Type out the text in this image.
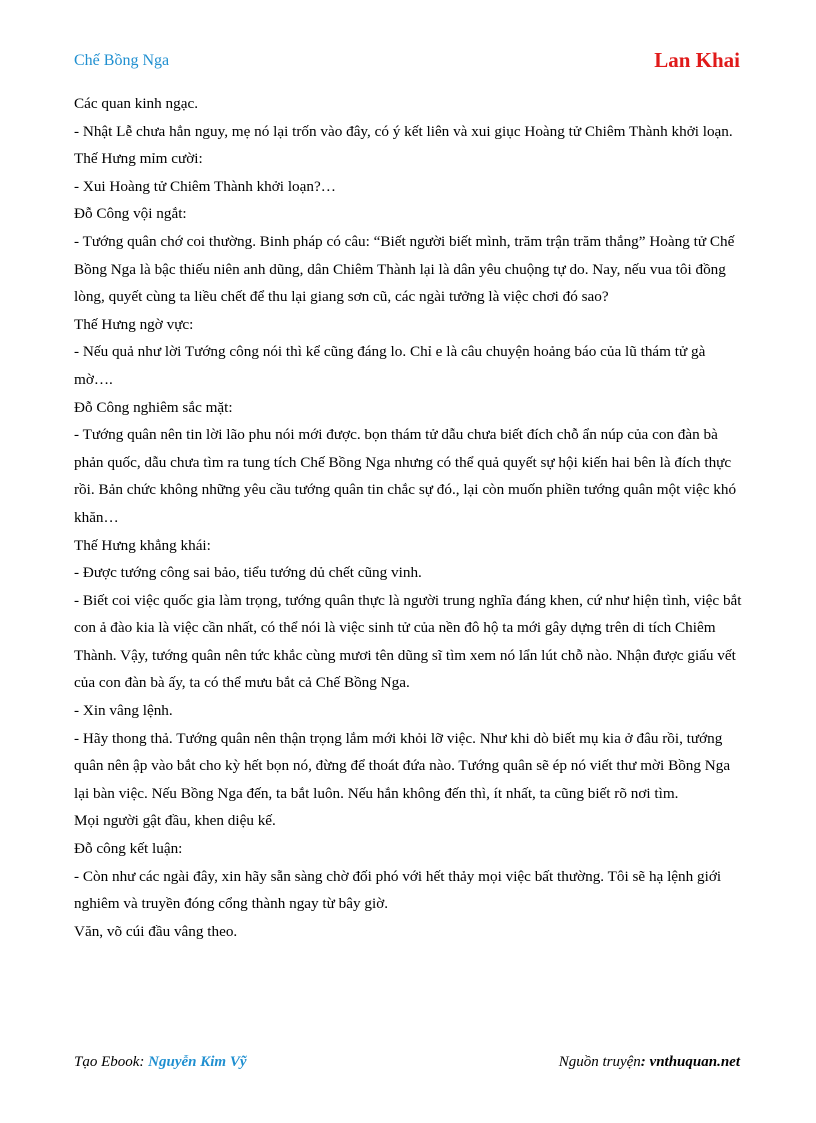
Chế Bồng Nga	Lan Khai

Các quan kinh ngạc.

- Nhật Lễ chưa hẳn nguy, mẹ nó lại trốn vào đây, có ý kết liên và xui giục Hoàng tử Chiêm Thành khởi loạn.

Thế Hưng mỉm cười:

- Xui Hoàng tử Chiêm Thành khởi loạn?…

Đỗ Công vội ngắt:

- Tướng quân chớ coi thường. Binh pháp có câu: “Biết người biết mình, trăm trận trăm thắng” Hoàng tử Chế Bồng Nga là bậc thiếu niên anh dũng, dân Chiêm Thành lại là dân yêu chuộng tự do. Nay, nếu vua tôi đồng lòng, quyết cùng ta liều chết để thu lại giang sơn cũ, các ngài tưởng là việc chơi đó sao?

Thế Hưng ngờ vực:

- Nếu quả như lời Tướng công nói thì kể cũng đáng lo. Chỉ e là câu chuyện hoảng báo của lũ thám tử gà mờ….

Đỗ Công nghiêm sắc mặt:

- Tướng quân nên tin lời lão phu nói mới được. bọn thám tử dẫu chưa biết đích chỗ ẩn núp của con đàn bà phản quốc, dẫu chưa tìm ra tung tích Chế Bồng Nga nhưng có thể quả quyết sự hội kiến hai bên là đích thực rồi. Bản chức không những yêu cầu tướng quân tin chắc sự đó., lại còn muốn phiền tướng quân một việc khó khăn…

Thế Hưng khẳng khái:

- Được tướng công sai bảo, tiểu tướng dủ chết cũng vinh.

- Biết coi việc quốc gia làm trọng, tướng quân thực là người trung nghĩa đáng khen, cứ như hiện tình, việc bắt con ả đào kia là việc cần nhất, có thể nói là việc sinh tử của nền đô hộ ta mới gây dựng trên di tích Chiêm Thành. Vậy, tướng quân nên tức khắc cùng mươi tên dũng sĩ tìm xem nó lẩn lút chỗ nào. Nhận được giấu vết của con đàn bà ấy, ta có thể mưu bắt cả Chế Bồng Nga.

- Xin vâng lệnh.

- Hãy thong thả. Tướng quân nên thận trọng lắm mới khỏi lỡ việc. Như khi dò biết mụ kia ở đâu rồi, tướng quân nên ập vào bắt cho kỳ hết bọn nó, đừng để thoát đứa nào. Tướng quân sẽ ép nó viết thư mời Bồng Nga lại bàn việc. Nếu Bồng Nga đến, ta bắt luôn. Nếu hắn không đến thì, ít nhất, ta cũng biết rõ nơi tìm.

Mọi người gật đầu, khen diệu kế.

Đỗ công kết luận:

- Còn như các ngài đây, xin hãy sẵn sàng chờ đối phó với hết thảy mọi việc bất thường. Tôi sẽ hạ lệnh giới nghiêm và truyền đóng cổng thành ngay từ bây giờ.

Văn, võ cúi đầu vâng theo.

Tạo Ebook: Nguyễn Kim Vỹ	Nguồn truyện: vnthuquan.net
